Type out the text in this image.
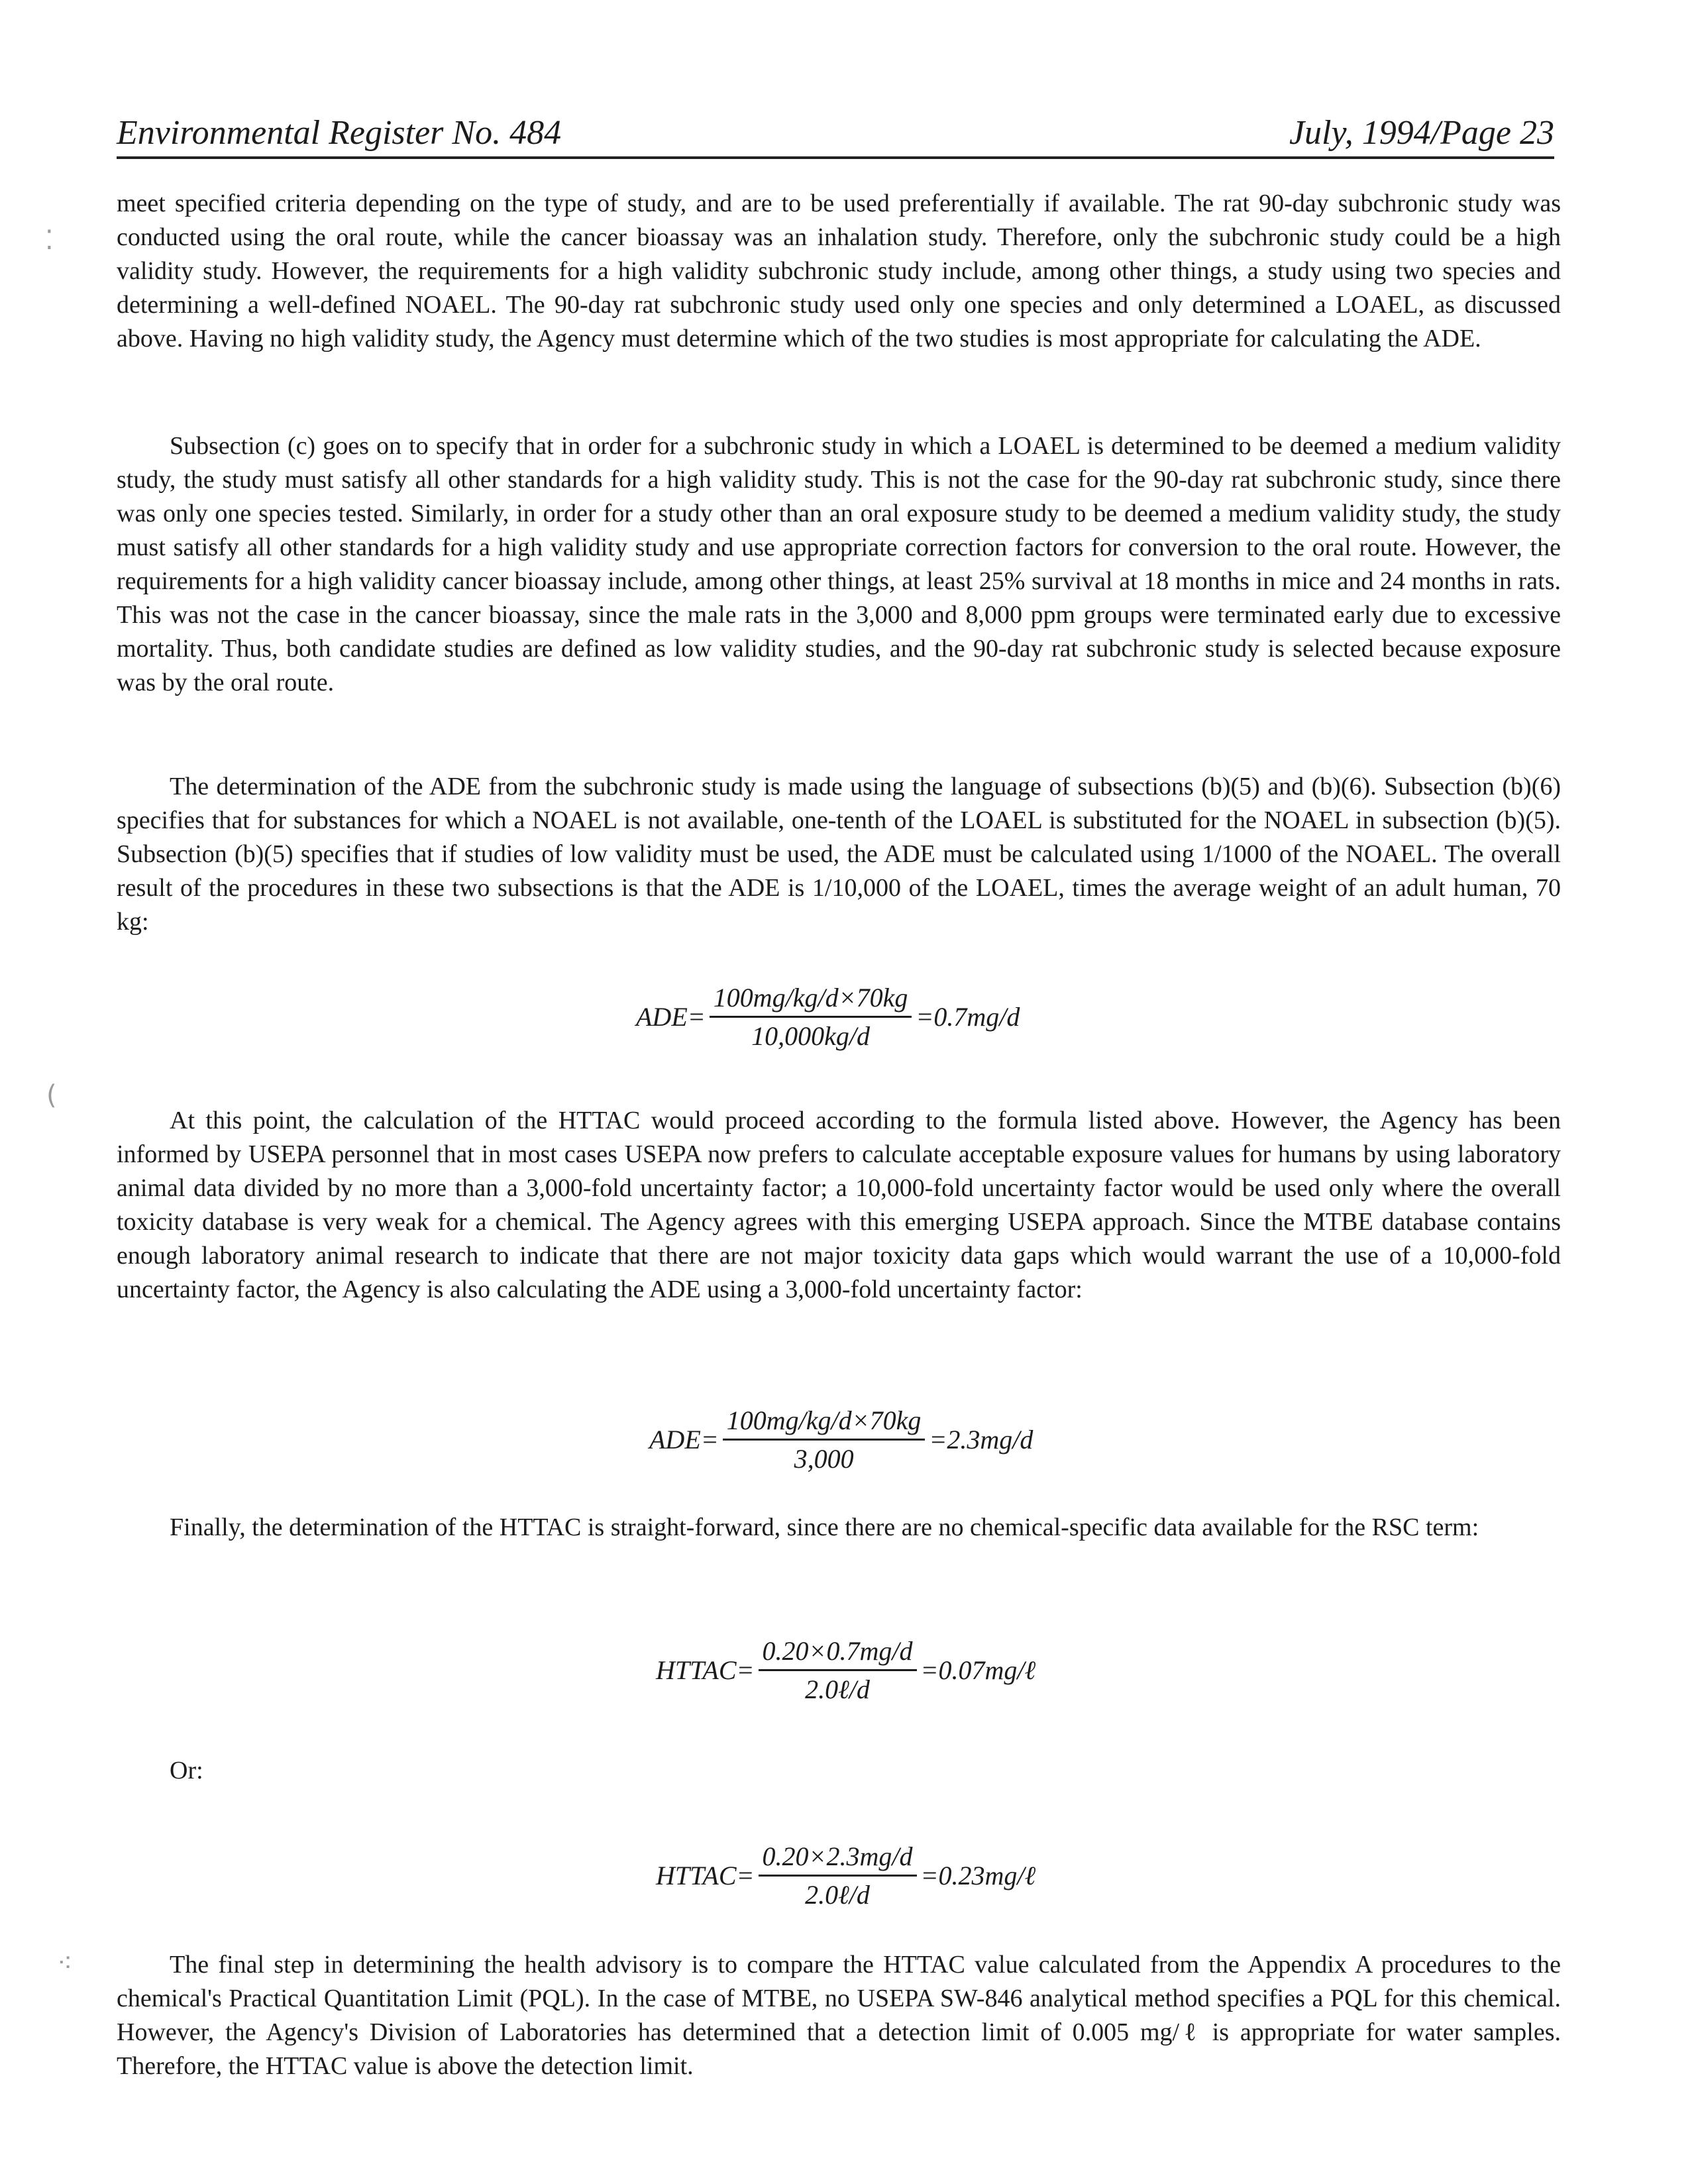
Environmental Register No. 484	July, 1994/Page 23

meet specified criteria depending on the type of study, and are to be used preferentially if available. The rat 90-day subchronic study was conducted using the oral route, while the cancer bioassay was an inhalation study. Therefore, only the subchronic study could be a high validity study. However, the requirements for a high validity subchronic study include, among other things, a study using two species and determining a well-defined NOAEL. The 90-day rat subchronic study used only one species and only determined a LOAEL, as discussed above. Having no high validity study, the Agency must determine which of the two studies is most appropriate for calculating the ADE.

Subsection (c) goes on to specify that in order for a subchronic study in which a LOAEL is determined to be deemed a medium validity study, the study must satisfy all other standards for a high validity study. This is not the case for the 90-day rat subchronic study, since there was only one species tested. Similarly, in order for a study other than an oral exposure study to be deemed a medium validity study, the study must satisfy all other standards for a high validity study and use appropriate correction factors for conversion to the oral route. However, the requirements for a high validity cancer bioassay include, among other things, at least 25% survival at 18 months in mice and 24 months in rats. This was not the case in the cancer bioassay, since the male rats in the 3,000 and 8,000 ppm groups were terminated early due to excessive mortality. Thus, both candidate studies are defined as low validity studies, and the 90-day rat subchronic study is selected because exposure was by the oral route.

The determination of the ADE from the subchronic study is made using the language of subsections (b)(5) and (b)(6). Subsection (b)(6) specifies that for substances for which a NOAEL is not available, one-tenth of the LOAEL is substituted for the NOAEL in subsection (b)(5). Subsection (b)(5) specifies that if studies of low validity must be used, the ADE must be calculated using 1/1000 of the NOAEL. The overall result of the procedures in these two subsections is that the ADE is 1/10,000 of the LOAEL, times the average weight of an adult human, 70 kg:

$ADE= \frac{100mg/kg/d\times 70kg}{10,000kg/d} =0.7mg/d$

At this point, the calculation of the HTTAC would proceed according to the formula listed above. However, the Agency has been informed by USEPA personnel that in most cases USEPA now prefers to calculate acceptable exposure values for humans by using laboratory animal data divided by no more than a 3,000-fold uncertainty factor; a 10,000-fold uncertainty factor would be used only where the overall toxicity database is very weak for a chemical. The Agency agrees with this emerging USEPA approach. Since the MTBE database contains enough laboratory animal research to indicate that there are not major toxicity data gaps which would warrant the use of a 10,000-fold uncertainty factor, the Agency is also calculating the ADE using a 3,000-fold uncertainty factor:

$ADE= \frac{100mg/kg/d\times 70kg}{3,000} =2.3mg/d$

Finally, the determination of the HTTAC is straight-forward, since there are no chemical-specific data available for the RSC term:

HTTAC= $\frac{0.20\times 0.7mg/d}{\text{2.0ℓ/d}}$ =0.07mg/ℓ
Or:
HTTAC= $\frac{0.20\times 2.3mg/d}{\text{2.0ℓ/d}}$ =0.23mg/ℓ

The final step in determining the health advisory is to compare the HTTAC value calculated from the Appendix A procedures to the chemical's Practical Quantitation Limit (PQL). In the case of MTBE, no USEPA SW-846 analytical method specifies a PQL for this chemical. However, the Agency's Division of Laboratories has determined that a detection limit of 0.005 mg/ℓ is appropriate for water samples. Therefore, the HTTAC value is above the detection limit.

⁚
(
⁖
